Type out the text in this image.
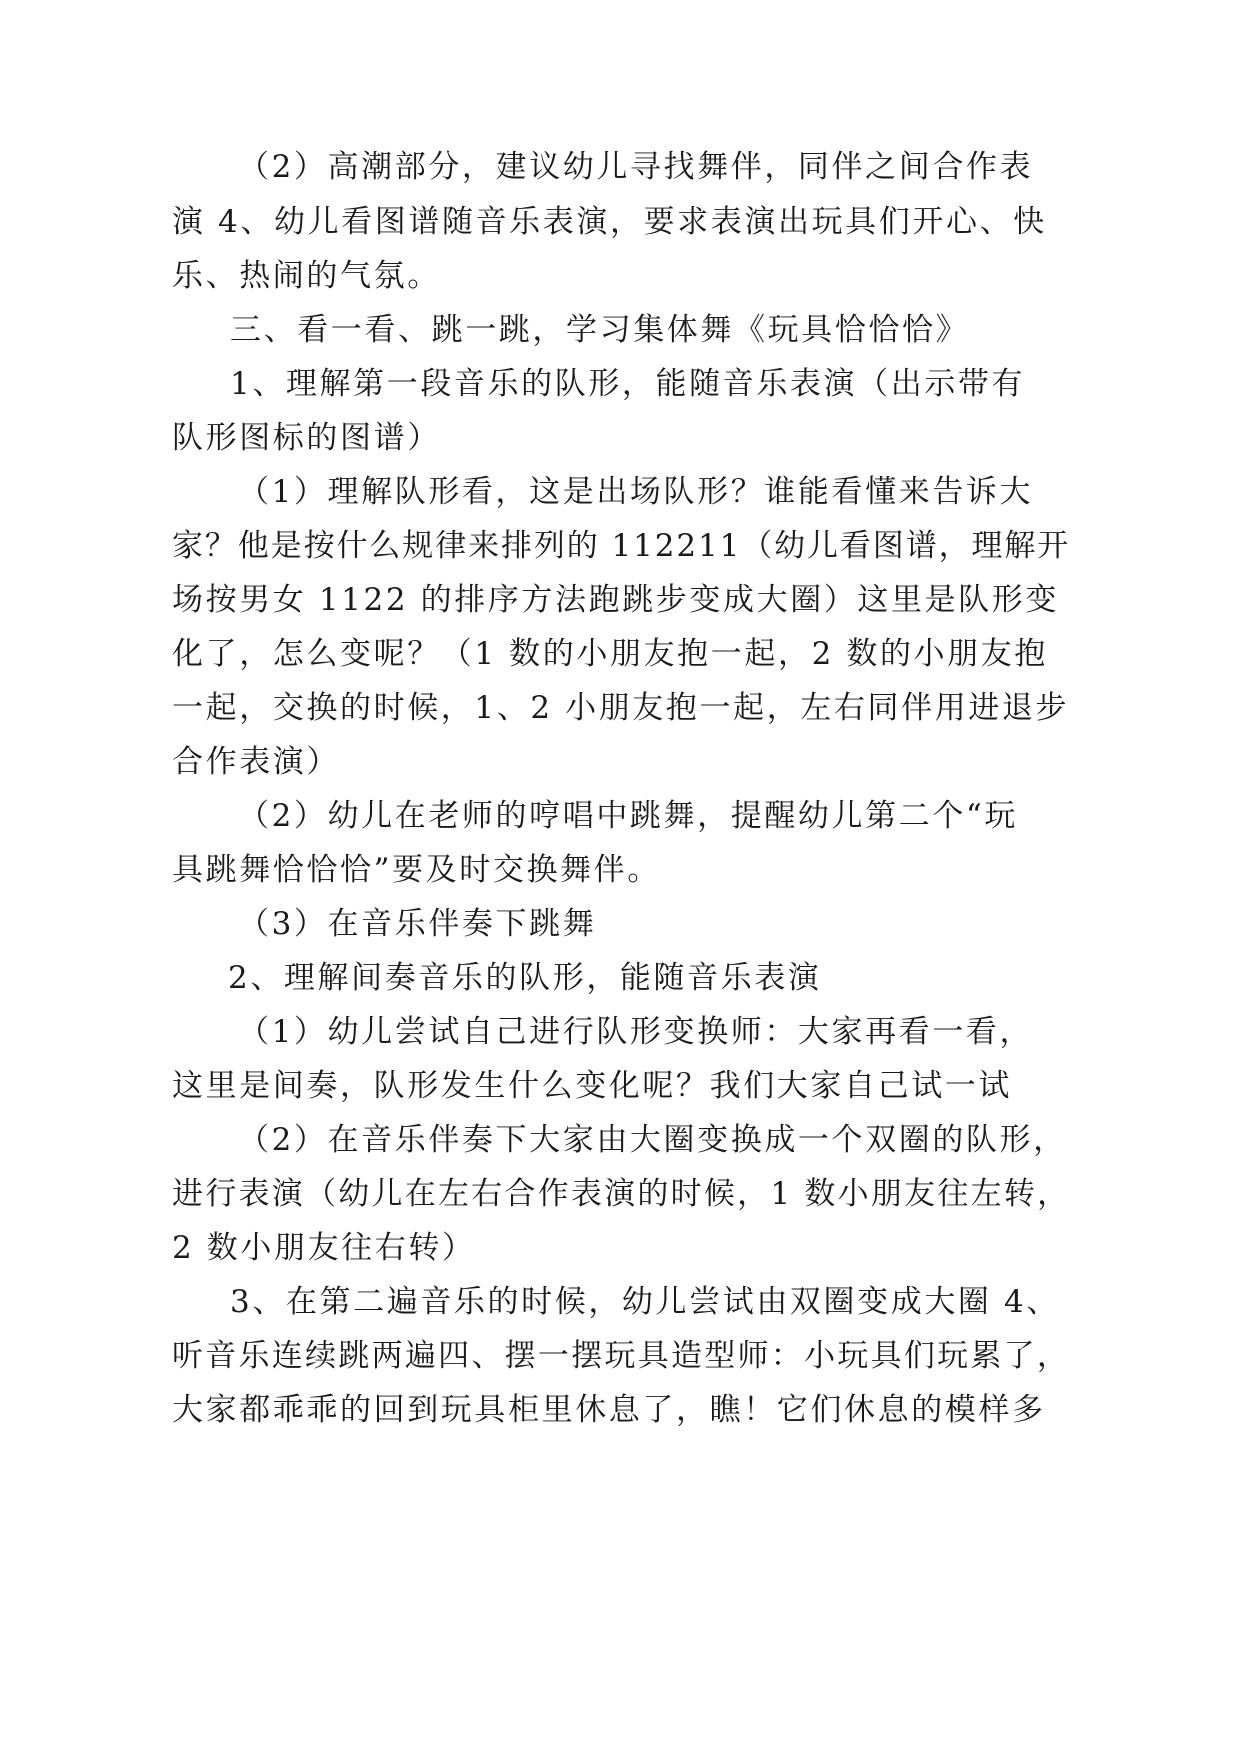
（2）高潮部分，建议幼儿寻找舞伴，同伴之间合作表
演 4、幼儿看图谱随音乐表演，要求表演出玩具们开心、快
乐、热闹的气氛。
三、看一看、跳一跳，学习集体舞《玩具恰恰恰》
1、理解第一段音乐的队形，能随音乐表演（出示带有
队形图标的图谱）
（1）理解队形看，这是出场队形？谁能看懂来告诉大
家？他是按什么规律来排列的 112211（幼儿看图谱，理解开
场按男女 1122 的排序方法跑跳步变成大圈）这里是队形变
化了，怎么变呢？（1 数的小朋友抱一起，2 数的小朋友抱
一起，交换的时候，1、2 小朋友抱一起，左右同伴用进退步
合作表演）
（2）幼儿在老师的哼唱中跳舞，提醒幼儿第二个“玩
具跳舞恰恰恰”要及时交换舞伴。
（3）在音乐伴奏下跳舞
2、理解间奏音乐的队形，能随音乐表演
（1）幼儿尝试自己进行队形变换师：大家再看一看，
这里是间奏，队形发生什么变化呢？我们大家自己试一试
（2）在音乐伴奏下大家由大圈变换成一个双圈的队形，
进行表演（幼儿在左右合作表演的时候，1 数小朋友往左转，
2 数小朋友往右转）
3、在第二遍音乐的时候，幼儿尝试由双圈变成大圈 4、
听音乐连续跳两遍四、摆一摆玩具造型师：小玩具们玩累了，
大家都乖乖的回到玩具柜里休息了，瞧！它们休息的模样多
